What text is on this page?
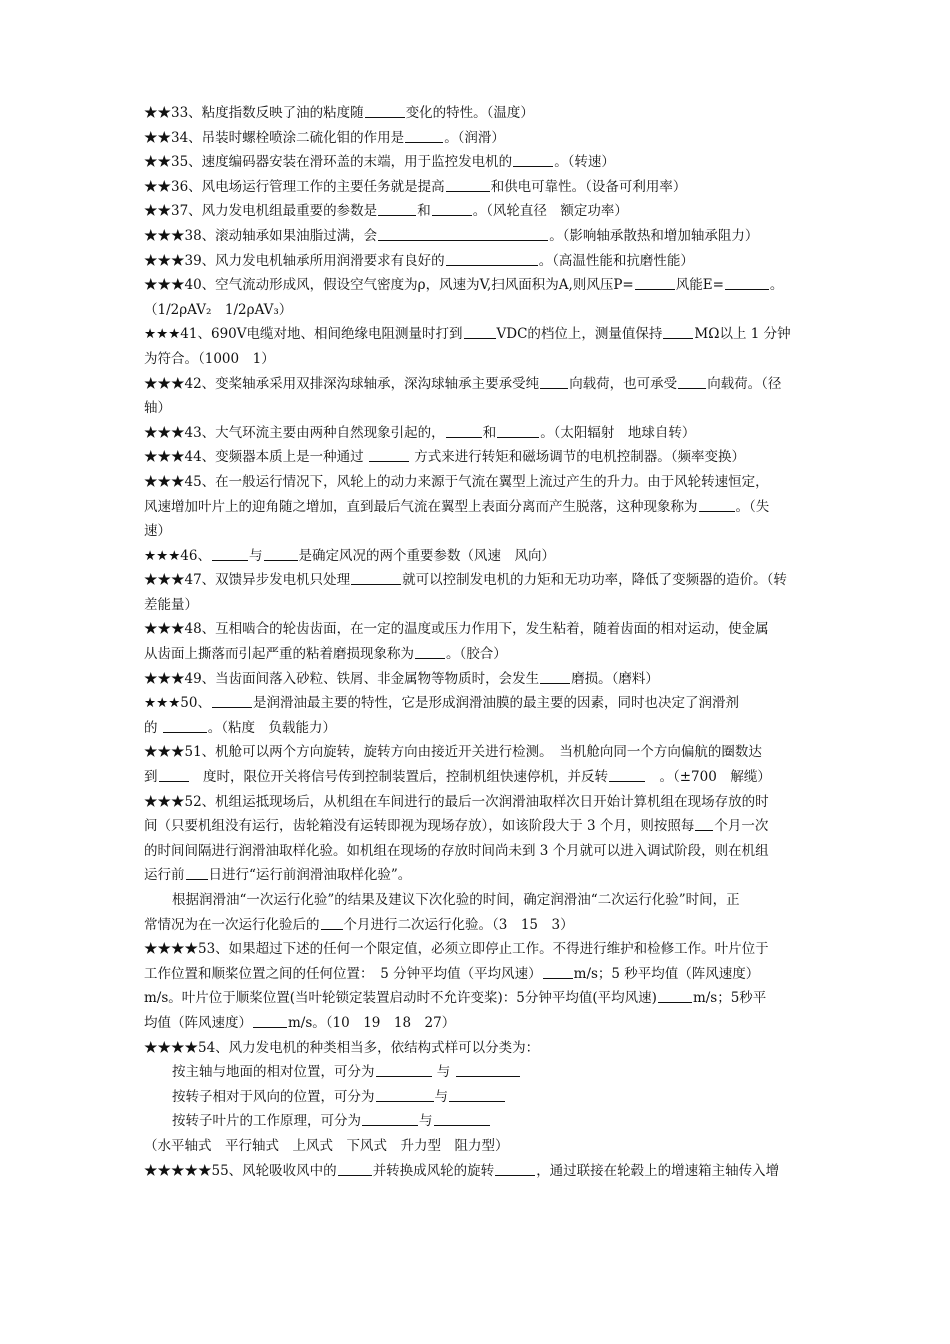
★★33、粘度指数反映了油的粘度随	变化的特性。（温度）

★★34、吊装时螺栓喷涂二硫化钼的作用是	。（润滑）

★★35、速度编码器安装在滑环盖的末端，用于监控发电机的	。（转速）

★★36、风电场运行管理工作的主要任务就是提高	和供电可靠性。（设备可利用率）

★★37、风力发电机组最重要的参数是	和	。（风轮直径　额定功率）

★★★38、滚动轴承如果油脂过满，会	。（影响轴承散热和增加轴承阻力）

★★★39、风力发电机轴承所用润滑要求有良好的	。（高温性能和抗磨性能）

★★★40、空气流动形成风，假设空气密度为ρ，风速为V,扫风面积为A,则风压P=	风能E=	。

（1/2ρAV₂　1/2ρAV₃）

★★★41、690V电缆对地、相间绝缘电阻测量时打到	VDC的档位上，测量值保持 MΩ以上 1 分钟

为符合。（1000　1）

★★★42、变桨轴承采用双排深沟球轴承，深沟球轴承主要承受纯 向载荷，也可承受 向载荷。（径

轴）

★★★43、大气环流主要由两种自然现象引起的，	和	。（太阳辐射　地球自转）

★★★44、变频器本质上是一种通过	方式来进行转矩和磁场调节的电机控制器。（频率变换）

★★★45、在一般运行情况下，风轮上的动力来源于气流在翼型上流过产生的升力。由于风轮转速恒定，

风速增加叶片上的迎角随之增加，直到最后气流在翼型上表面分离而产生脱落，这种现象称为	。（失

速）

★★★46、	与	是确定风况的两个重要参数（风速　风向）

★★★47、双馈异步发电机只处理	就可以控制发电机的力矩和无功功率，降低了变频器的造价。（转

差能量）

★★★48、互相啮合的轮齿齿面，在一定的温度或压力作用下，发生粘着，随着齿面的相对运动，使金属

从齿面上撕落而引起严重的粘着磨损现象称为 。（胶合）

★★★49、当齿面间落入砂粒、铁屑、非金属物等物质时，会发生 磨损。（磨料）

★★★50、	是润滑油最主要的特性，它是形成润滑油膜的最主要的因素，同时也决定了润滑剂

的	。（粘度　负载能力）

★★★51、机舱可以两个方向旋转，旋转方向由接近开关进行检测。　当机舱向同一个方向偏航的圈数达

到　度时，限位开关将信号传到控制装置后，控制机组快速停机，并反转	　。（±700　解缆）

★★★52、机组运抵现场后，从机组在车间进行的最后一次润滑油取样次日开始计算机组在现场存放的时

间（只要机组没有运行，齿轮箱没有运转即视为现场存放），如该阶段大于 3 个月，则按照每 个月一次

的时间间隔进行润滑油取样化验。如机组在现场的存放时间尚未到 3 个月就可以进入调试阶段，则在机组

运行前 日进行“运行前润滑油取样化验”。

根据润滑油“一次运行化验”的结果及建议下次化验的时间，确定润滑油“二次运行化验”时间，正

常情况为在一次运行化验后的 个月进行二次运行化验。（3　15　3）

★★★★53、如果超过下述的任何一个限定值，必须立即停止工作。不得进行维护和检修工作。叶片位于

工作位置和顺桨位置之间的任何位置：　5 分钟平均值（平均风速） m/s；5 秒平均值（阵风速度）

m/s。叶片位于顺桨位置(当叶轮锁定装置启动时不允许变桨)：5分钟平均值(平均风速)	m/s；5秒平

均值（阵风速度）	m/s。（10　19　18　27）

★★★★54、风力发电机的种类相当多，依结构式样可以分类为：

按主轴与地面的相对位置，可分为	与

按转子相对于风向的位置，可分为	与

按转子叶片的工作原理，可分为	与

（水平轴式　平行轴式　上风式　下风式　升力型　阻力型）

★★★★★55、风轮吸收风中的	并转换成风轮的旋转	，通过联接在轮毂上的增速箱主轴传入增
